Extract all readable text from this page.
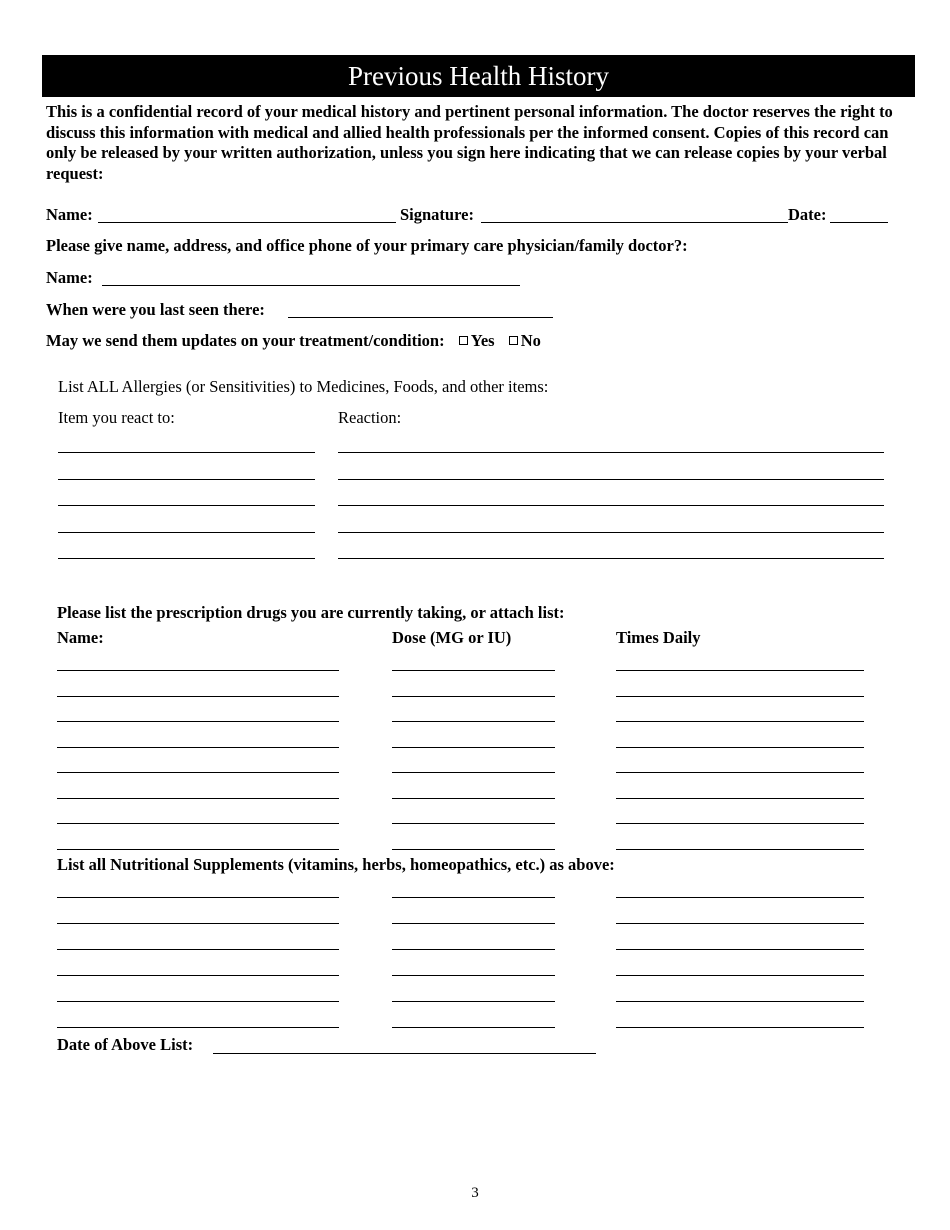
Previous Health History
This is a confidential record of your medical history and pertinent personal information. The doctor reserves the right to discuss this information with medical and allied health professionals per the informed consent. Copies of this record can only be released by your written authorization, unless you sign here indicating that we can release copies by your verbal request:
Name:	Signature:	Date:
Please give name, address, and office phone of your primary care physician/family doctor?:
Name:
When were you last seen there:
May we send them updates on your treatment/condition: Yes No
List ALL Allergies (or Sensitivities) to Medicines, Foods, and other items:
Item you react to:	Reaction:
Please list the prescription drugs you are currently taking, or attach list:
Name:	Dose (MG or IU)	Times Daily
List all Nutritional Supplements (vitamins, herbs, homeopathics, etc.) as above:
Date of Above List:
3
